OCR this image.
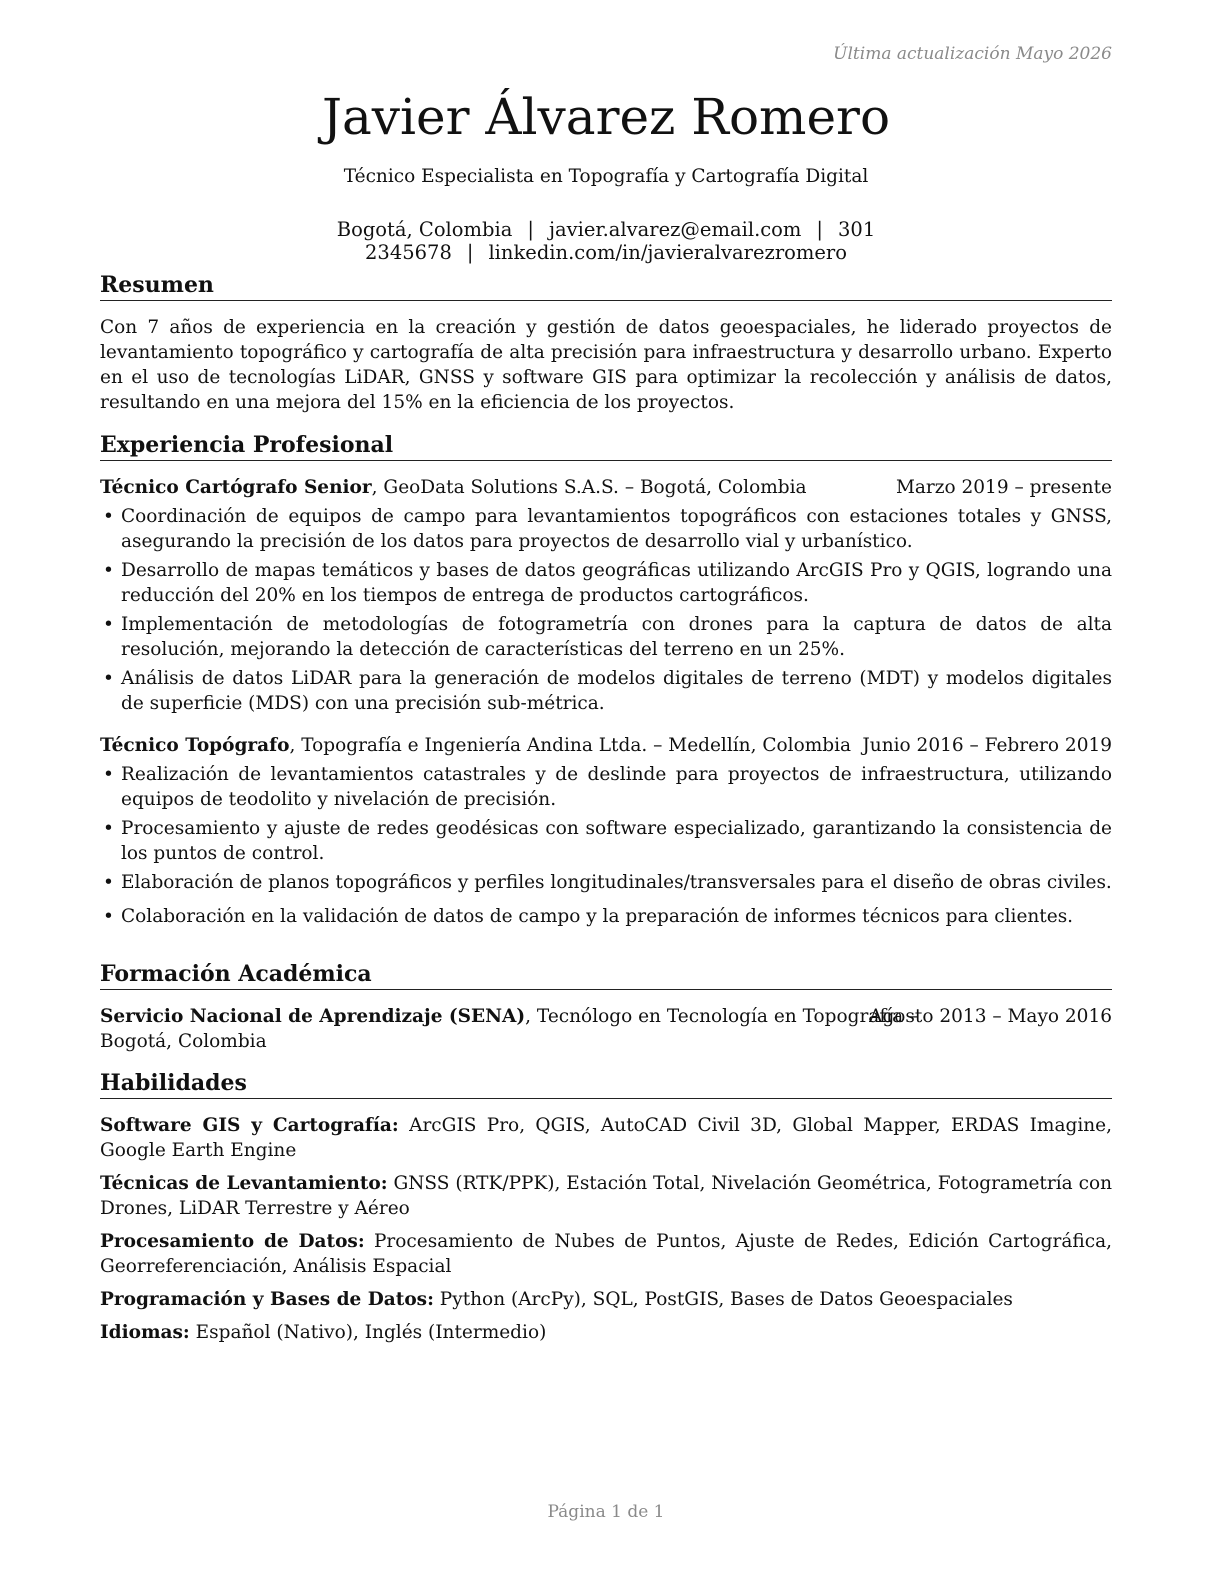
Última actualización Mayo 2026
Javier Álvarez Romero
Técnico Especialista en Topografía y Cartografía Digital
Bogotá, Colombia | javier.alvarez@email.com | 301 2345678 | linkedin.com/in/javieralvarezromero
Resumen
Con 7 años de experiencia en la creación y gestión de datos geoespaciales, he liderado proyectos de levantamiento topográfico y cartografía de alta precisión para infraestructura y desarrollo urbano. Experto en el uso de tecnologías LiDAR, GNSS y software GIS para optimizar la recolección y análisis de datos, resultando en una mejora del 15% en la eficiencia de los proyectos.
Experiencia Profesional
Técnico Cartógrafo Senior, GeoData Solutions S.A.S. – Bogotá, Colombia	Marzo 2019 – presente
• Coordinación de equipos de campo para levantamientos topográficos con estaciones totales y GNSS, asegurando la precisión de los datos para proyectos de desarrollo vial y urbanístico.
• Desarrollo de mapas temáticos y bases de datos geográficas utilizando ArcGIS Pro y QGIS, logrando una reducción del 20% en los tiempos de entrega de productos cartográficos.
• Implementación de metodologías de fotogrametría con drones para la captura de datos de alta resolución, mejorando la detección de características del terreno en un 25%.
• Análisis de datos LiDAR para la generación de modelos digitales de terreno (MDT) y modelos digitales de superficie (MDS) con una precisión sub-métrica.
Técnico Topógrafo, Topografía e Ingeniería Andina Ltda. – Medellín, Colombia Junio 2016 – Febrero 2019
• Realización de levantamientos catastrales y de deslinde para proyectos de infraestructura, utilizando equipos de teodolito y nivelación de precisión.
• Procesamiento y ajuste de redes geodésicas con software especializado, garantizando la consistencia de los puntos de control.
• Elaboración de planos topográficos y perfiles longitudinales/transversales para el diseño de obras civiles.
• Colaboración en la validación de datos de campo y la preparación de informes técnicos para clientes.
Formación Académica
Servicio Nacional de Aprendizaje (SENA), Tecnólogo en Tecnología en Topografía –
Bogotá, Colombia
Agosto 2013 – Mayo 2016
Habilidades
Software GIS y Cartografía: ArcGIS Pro, QGIS, AutoCAD Civil 3D, Global Mapper, ERDAS Imagine, Google Earth Engine
Técnicas de Levantamiento: GNSS (RTK/PPK), Estación Total, Nivelación Geométrica, Fotogrametría con Drones, LiDAR Terrestre y Aéreo
Procesamiento de Datos: Procesamiento de Nubes de Puntos, Ajuste de Redes, Edición Cartográfica, Georreferenciación, Análisis Espacial
Programación y Bases de Datos: Python (ArcPy), SQL, PostGIS, Bases de Datos Geoespaciales
Idiomas: Español (Nativo), Inglés (Intermedio)
Página 1 de 1
